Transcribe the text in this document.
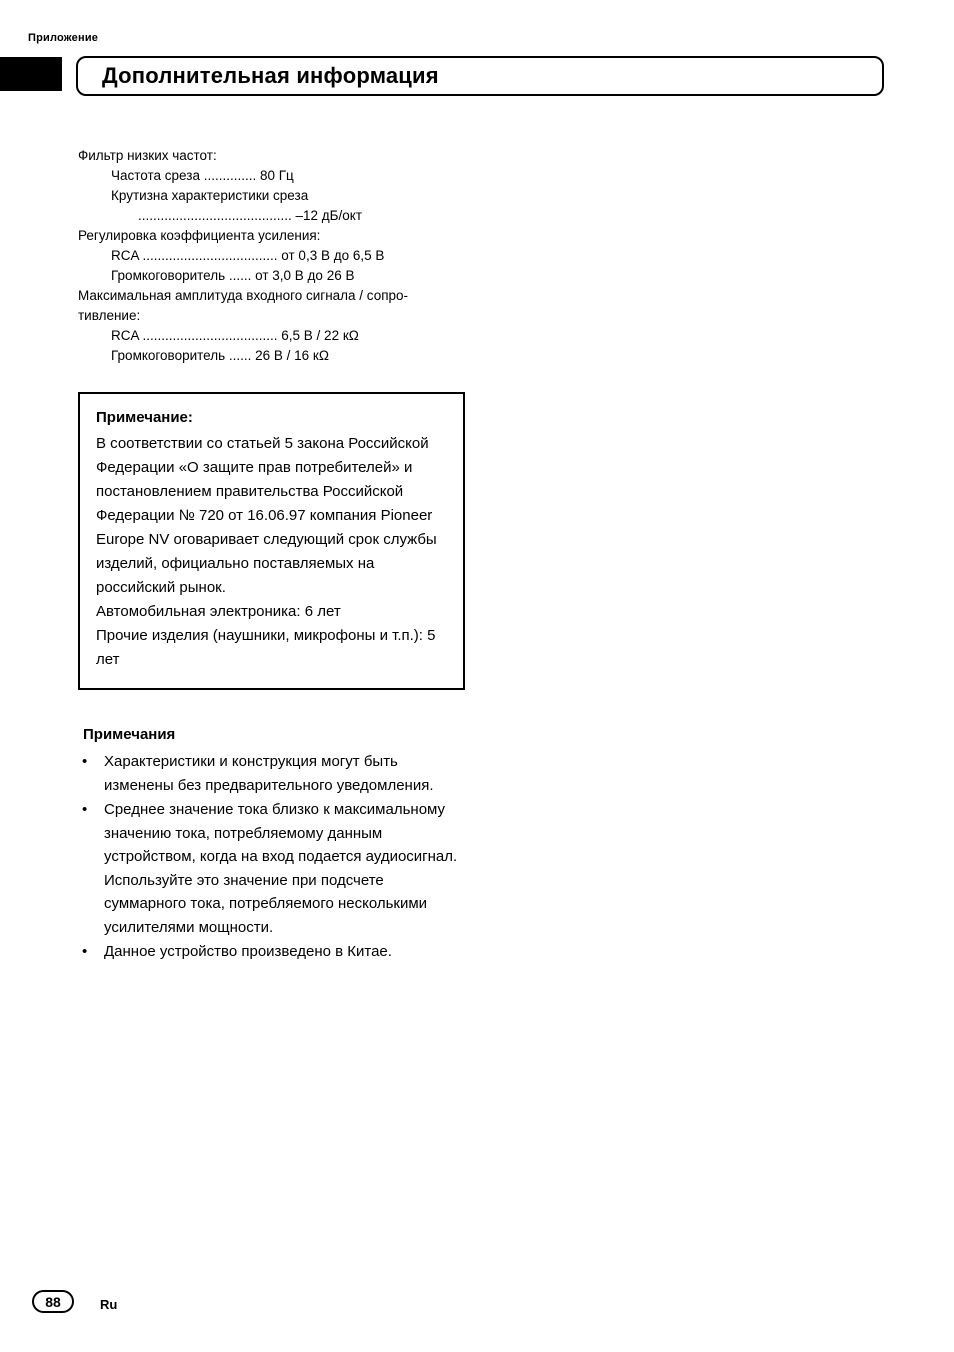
Приложение
Дополнительная информация
Фильтр низких частот:
Частота среза .............. 80 Гц
Крутизна характеристики среза
......................................... –12 дБ/окт
Регулировка коэффициента усиления:
RCA .................................... от 0,3 В до 6,5 В
Громкоговоритель ...... от 3,0 В до 26 В
Максимальная амплитуда входного сигнала / сопро-
тивление:
RCA .................................... 6,5 В / 22 кΩ
Громкоговоритель ...... 26 В / 16 кΩ
Примечание:

В соответствии со статьей 5 закона Российской Федерации «О защите прав потребителей» и постановлением правительства Российской Федерации № 720 от 16.06.97 компания Pioneer Europe NV оговаривает следующий срок службы изделий, официально поставляемых на российский рынок.

Автомобильная электроника: 6 лет

Прочие изделия (наушники, микрофоны и т.п.): 5 лет

Примечания
• Характеристики и конструкция могут быть изменены без предварительного уведомления.
• Среднее значение тока близко к максимальному значению тока, потребляемому данным устройством, когда на вход подается аудиосигнал. Используйте это значение при подсчете суммарного тока, потребляемого несколькими усилителями мощности.
• Данное устройство произведено в Китае.
88	Ru
